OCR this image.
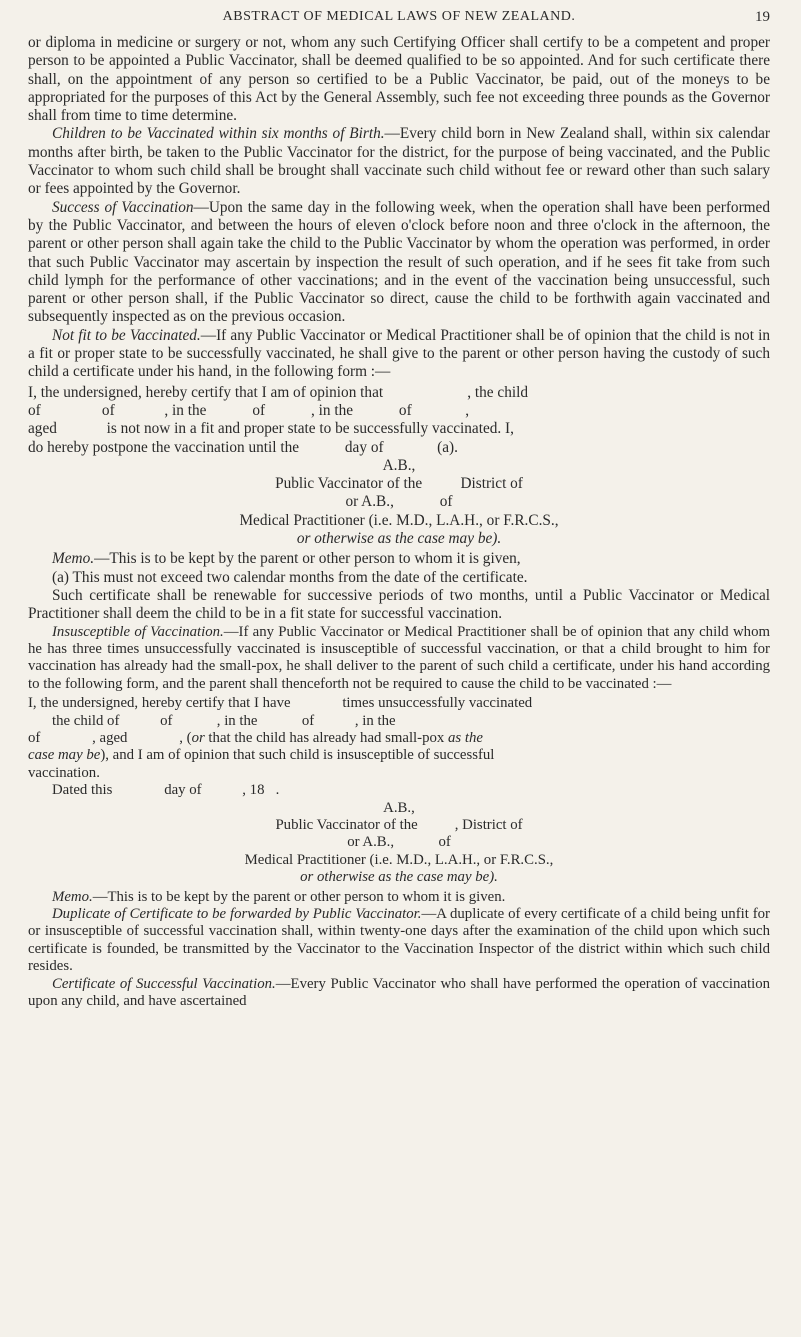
ABSTRACT OF MEDICAL LAWS OF NEW ZEALAND.	19

or diploma in medicine or surgery or not, whom any such Certifying Officer shall certify to be a competent and proper person to be appointed a Public Vaccinator, shall be deemed qualified to be so appointed. And for such certificate there shall, on the appointment of any person so certified to be a Public Vaccinator, be paid, out of the moneys to be appropriated for the purposes of this Act by the General Assembly, such fee not exceeding three pounds as the Governor shall from time to time determine.

Children to be Vaccinated within six months of Birth.—Every child born in New Zealand shall, within six calendar months after birth, be taken to the Public Vaccinator for the district, for the purpose of being vaccinated, and the Public Vaccinator to whom such child shall be brought shall vaccinate such child without fee or reward other than such salary or fees appointed by the Governor.

Success of Vaccination—Upon the same day in the following week, when the operation shall have been performed by the Public Vaccinator, and between the hours of eleven o'clock before noon and three o'clock in the afternoon, the parent or other person shall again take the child to the Public Vaccinator by whom the operation was performed, in order that such Public Vaccinator may ascertain by inspection the result of such operation, and if he sees fit take from such child lymph for the performance of other vaccinations; and in the event of the vaccination being unsuccessful, such parent or other person shall, if the Public Vaccinator so direct, cause the child to be forthwith again vaccinated and subsequently inspected as on the previous occasion.

Not fit to be Vaccinated.—If any Public Vaccinator or Medical Practitioner shall be of opinion that the child is not in a fit or proper state to be successfully vaccinated, he shall give to the parent or other person having the custody of such child a certificate under his hand, in the following form :—

I, the undersigned, hereby certify that I am of opinion that                      , the child
of                of             , in the            of            , in the            of              ,
aged             is not now in a fit and proper state to be successfully vaccinated. I,
do hereby postpone the vaccination until the            day of              (a).
A.B.,
Public Vaccinator of the          District of
or A.B.,            of
Medical Practitioner (i.e. M.D., L.A.H., or F.R.C.S.,
or otherwise as the case may be).

Memo.—This is to be kept by the parent or other person to whom it is given,

(a) This must not exceed two calendar months from the date of the certificate.

Such certificate shall be renewable for successive periods of two months, until a Public Vaccinator or Medical Practitioner shall deem the child to be in a fit state for successful vaccination.

Insusceptible of Vaccination.—If any Public Vaccinator or Medical Practitioner shall be of opinion that any child whom he has three times unsuccessfully vaccinated is insusceptible of successful vaccination, or that a child brought to him for vaccination has already had the small-pox, he shall deliver to the parent of such child a certificate, under his hand according to the following form, and the parent shall thenceforth not be required to cause the child to be vaccinated :—

I, the undersigned, hereby certify that I have              times unsuccessfully vaccinated
the child of           of            , in the            of           , in the
of              , aged              , (or that the child has already had small-pox as the
case may be), and I am of opinion that such child is insusceptible of successful
vaccination.
Dated this              day of           , 18   .
A.B.,
Public Vaccinator of the          , District of
or A.B.,            of
Medical Practitioner (i.e. M.D., L.A.H., or F.R.C.S.,
or otherwise as the case may be).

Memo.—This is to be kept by the parent or other person to whom it is given.

Duplicate of Certificate to be forwarded by Public Vaccinator.—A duplicate of every certificate of a child being unfit for or insusceptible of successful vaccination shall, within twenty-one days after the examination of the child upon which such certificate is founded, be transmitted by the Vaccinator to the Vaccination Inspector of the district within which such child resides.

Certificate of Successful Vaccination.—Every Public Vaccinator who shall have performed the operation of vaccination upon any child, and have ascertained
